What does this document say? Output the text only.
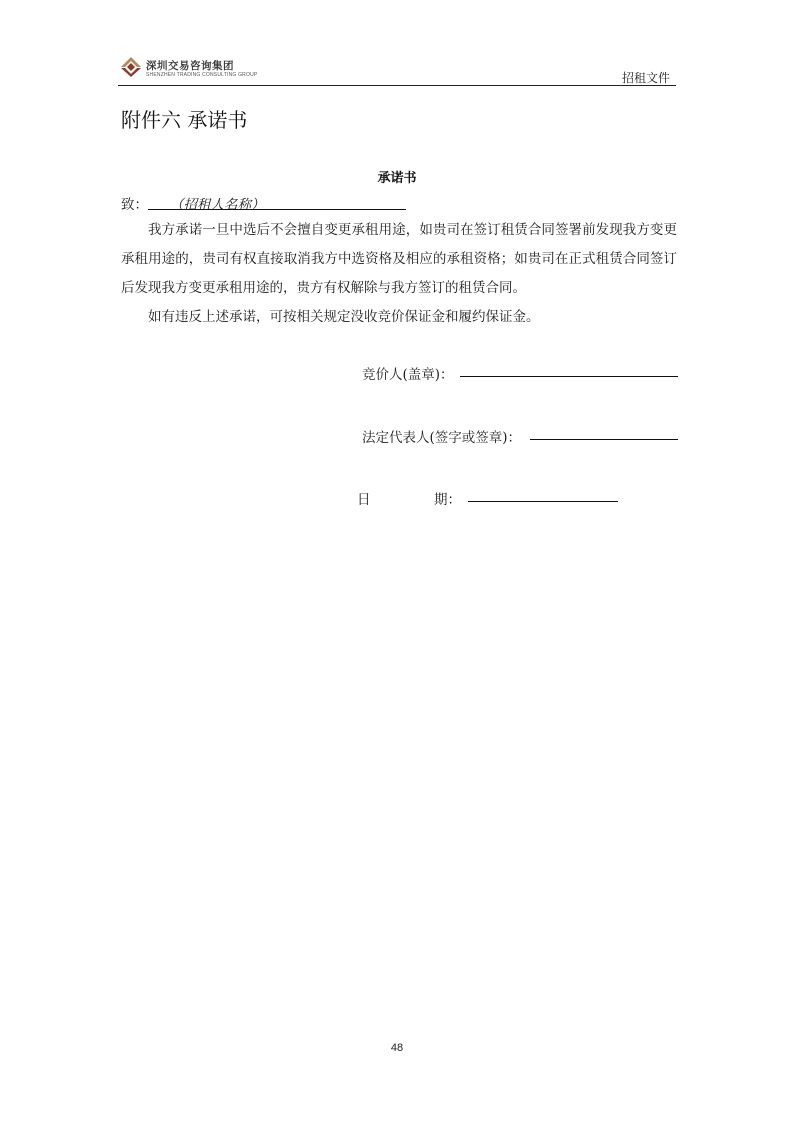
深圳交易咨询集团
SHENZHEN TRADING CONSULTING GROUP	招租文件
附件六 承诺书
承诺书
致： （招租人名称）

我方承诺一旦中选后不会擅自变更承租用途，如贵司在签订租赁合同签署前发现我方变更承租用途的，贵司有权直接取消我方中选资格及相应的承租资格；如贵司在正式租赁合同签订后发现我方变更承租用途的，贵方有权解除与我方签订的租赁合同。

如有违反上述承诺，可按相关规定没收竞价保证金和履约保证金。

竞价人(盖章)：
法定代表人(签字或签章)：
日	期：
48
